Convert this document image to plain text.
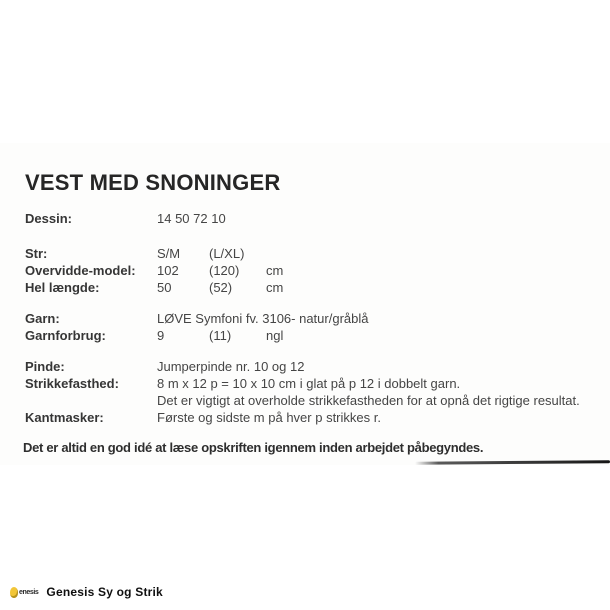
VEST MED SNONINGER
Dessin:	14 50 72 10
Str:	S/M (L/XL)
Overvidde-model: 102 (120) cm
Hel længde:	50	(52)	cm
Garn:	LØVE Symfoni fv. 3106- natur/gråblå
Garnforbrug:	9	(11)	ngl
Pinde:	Jumperpinde nr. 10 og 12
Strikkefasthed:	8 m x 12 p = 10 x 10 cm i glat på p 12 i dobbelt garn.
Det er vigtigt at overholde strikkefastheden for at opnå det rigtige resultat.
Kantmasker:	Første og sidste m på hver p strikkes r.
Det er altid en god idé at læse opskriften igennem inden arbejdet påbegyndes.
enesis Genesis Sy og Strik
